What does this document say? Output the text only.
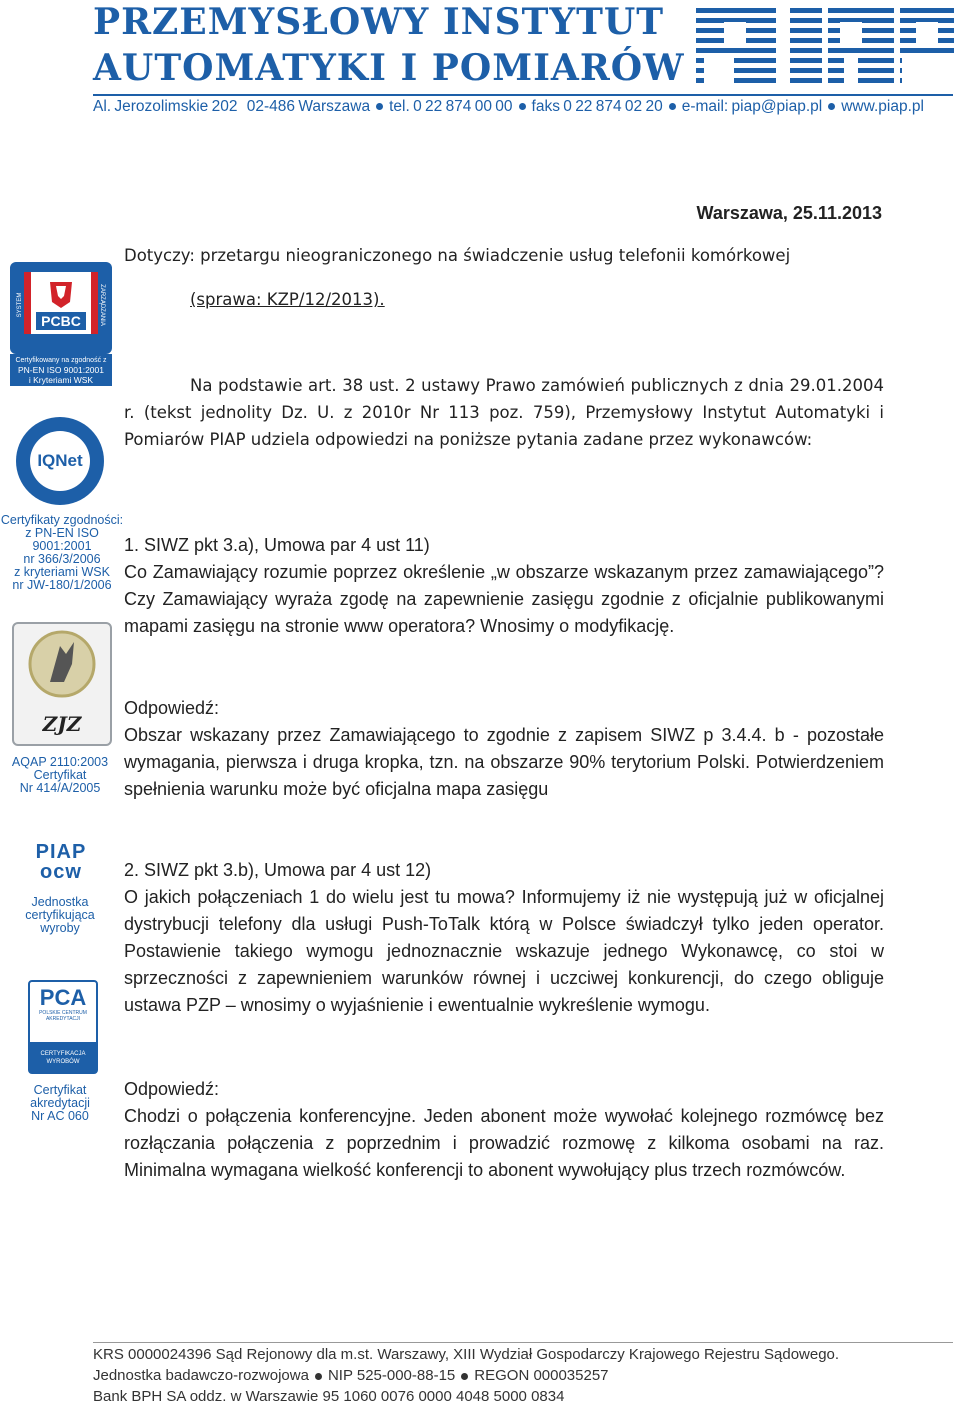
PRZEMYSŁOWY INSTYTUT
AUTOMATYKI I POMIARÓW
Al. Jerozolimskie 202 02-486 Warszawa tel. 0 22 874 00 00 faks 0 22 874 02 20 e-mail: piap@piap.pl www.piap.pl
PCBC
SYSTEM	ZARZĄDZANIA
Certyfikowany na zgodność z
PN-EN ISO 9001:2001
i Kryteriami WSK
IQNet
Certyfikaty zgodności:
z PN-EN ISO 9001:2001
nr 366/3/2006
z kryteriami WSK
nr JW-180/1/2006
ZJZ
AQAP 2110:2003
Certyfikat
Nr 414/A/2005
PIAP
ocw
Jednostka
certyfikująca
wyroby
PCA
POLSKIE CENTRUM
AKREDYTACJI
CERTYFIKACJA
WYROBÓW
Certyfikat
akredytacji
Nr AC 060
Warszawa, 25.11.2013
Dotyczy: przetargu nieograniczonego na świadczenie usług telefonii komórkowej
(sprawa: KZP/12/2013).
Na podstawie art. 38 ust. 2 ustawy Prawo zamówień publicznych z dnia 29.01.2004 r. (tekst jednolity Dz. U. z 2010r Nr 113 poz. 759), Przemysłowy Instytut Automatyki i Pomiarów PIAP udziela odpowiedzi na poniższe pytania zadane przez wykonawców:
1. SIWZ pkt 3.a), Umowa par 4 ust 11)
Co Zamawiający rozumie poprzez określenie „w obszarze wskazanym przez zamawiającego”? Czy Zamawiający wyraża zgodę na zapewnienie zasięgu zgodnie z oficjalnie publikowanymi mapami zasięgu na stronie www operatora? Wnosimy o modyfikację.
Odpowiedź:
Obszar wskazany przez Zamawiającego to zgodnie z zapisem SIWZ p 3.4.4. b - pozostałe wymagania, pierwsza i druga kropka, tzn. na obszarze 90% terytorium Polski. Potwierdzeniem spełnienia warunku może być oficjalna mapa zasięgu
2. SIWZ pkt 3.b), Umowa par 4 ust 12)
O jakich połączeniach 1 do wielu jest tu mowa? Informujemy iż nie występują już w oficjalnej dystrybucji telefony dla usługi Push-ToTalk którą w Polsce świadczył tylko jeden operator. Postawienie takiego wymogu jednoznacznie wskazuje jednego Wykonawcę, co stoi w sprzeczności z zapewnieniem warunków równej i uczciwej konkurencji, do czego obliguje ustawa PZP – wnosimy o wyjaśnienie i ewentualnie wykreślenie wymogu.
Odpowiedź:
Chodzi o połączenia konferencyjne. Jeden abonent może wywołać kolejnego rozmówcę bez rozłączania połączenia z poprzednim i prowadzić rozmowę z kilkoma osobami na raz. Minimalna wymagana wielkość konferencji to abonent wywołujący plus trzech rozmówców.
KRS 0000024396 Sąd Rejonowy dla m.st. Warszawy, XIII Wydział Gospodarczy Krajowego Rejestru Sądowego.
Jednostka badawczo-rozwojowa NIP 525-000-88-15 REGON 000035257
Bank BPH SA oddz. w Warszawie 95 1060 0076 0000 4048 5000 0834
